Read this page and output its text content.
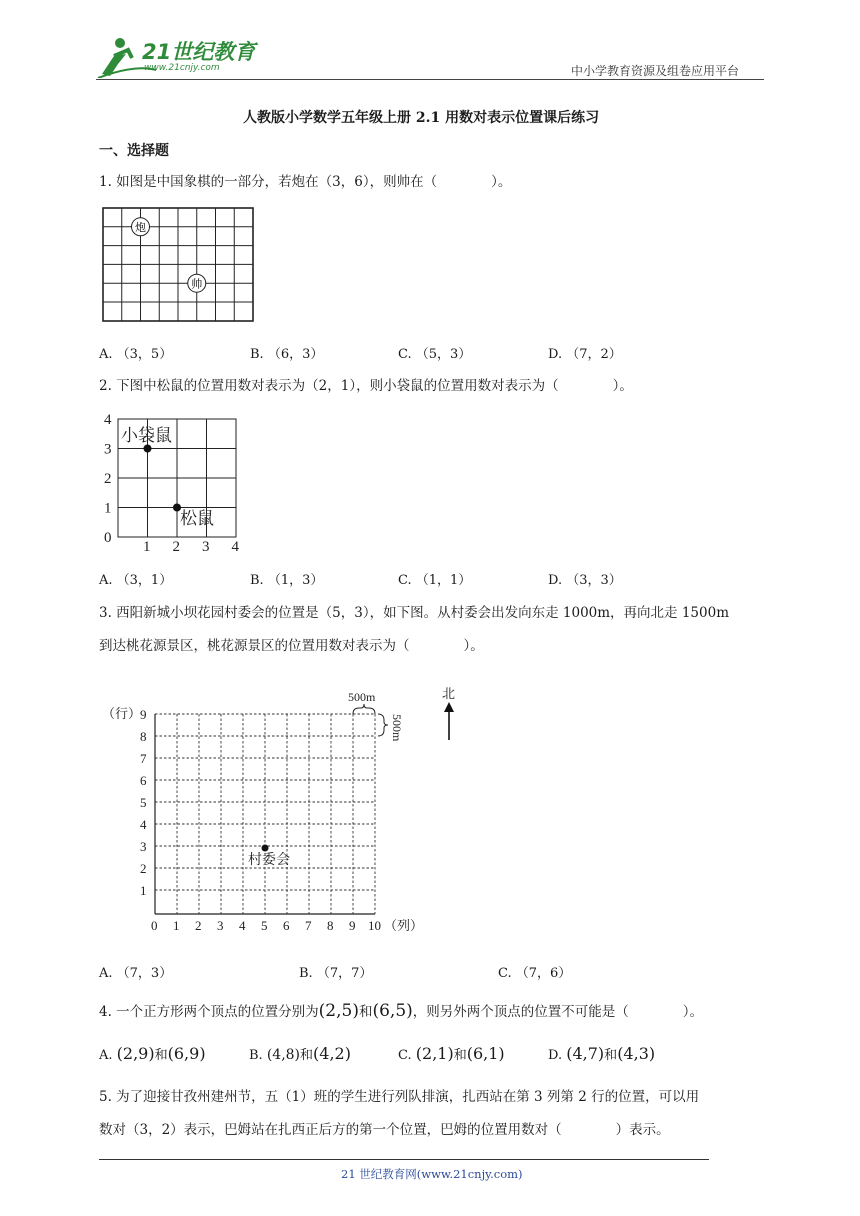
21世纪教育
www.21cnjy.com	中小学教育资源及组卷应用平台
人教版小学数学五年级上册 2.1 用数对表示位置课后练习
一、选择题
1. 如图是中国象棋的一部分，若炮在（3，6），则帅在（　　　　）。
炮
帅
A. （3，5）	B. （6，3）	C. （5，3）	D. （7，2）
2. 下图中松鼠的位置用数对表示为（2，1），则小袋鼠的位置用数对表示为（　　　　）。
4
3
2
1
0
1 2 3 4
小袋鼠
松鼠
A. （3，1）	B. （1，3）	C. （1，1）	D. （3，3）
3. 西阳新城小坝花园村委会的位置是（5，3），如下图。从村委会出发向东走 1000m，再向北走 1500m
到达桃花源景区，桃花源景区的位置用数对表示为（　　　　）。
（行）
9
8
7
6
5
4
3
2
1
0 1 2 3 4 5 6 7 8 9 10 （列）
500m
500m
北
村委会
A. （7，3）	B. （7，7）	C. （7，6）
4. 一个正方形两个顶点的位置分别为(2,5)和(6,5)，则另外两个顶点的位置不可能是（　　　　）。
A. (2,9)和(6,9)	B. (4,8)和(4,2)	C. (2,1)和(6,1)	D. (4,7)和(4,3)
5. 为了迎接甘孜州建州节，五（1）班的学生进行列队排演，扎西站在第 3 列第 2 行的位置，可以用
数对（3，2）表示，巴姆站在扎西正后方的第一个位置，巴姆的位置用数对（　　　　）表示。
21 世纪教育网(www.21cnjy.com)
